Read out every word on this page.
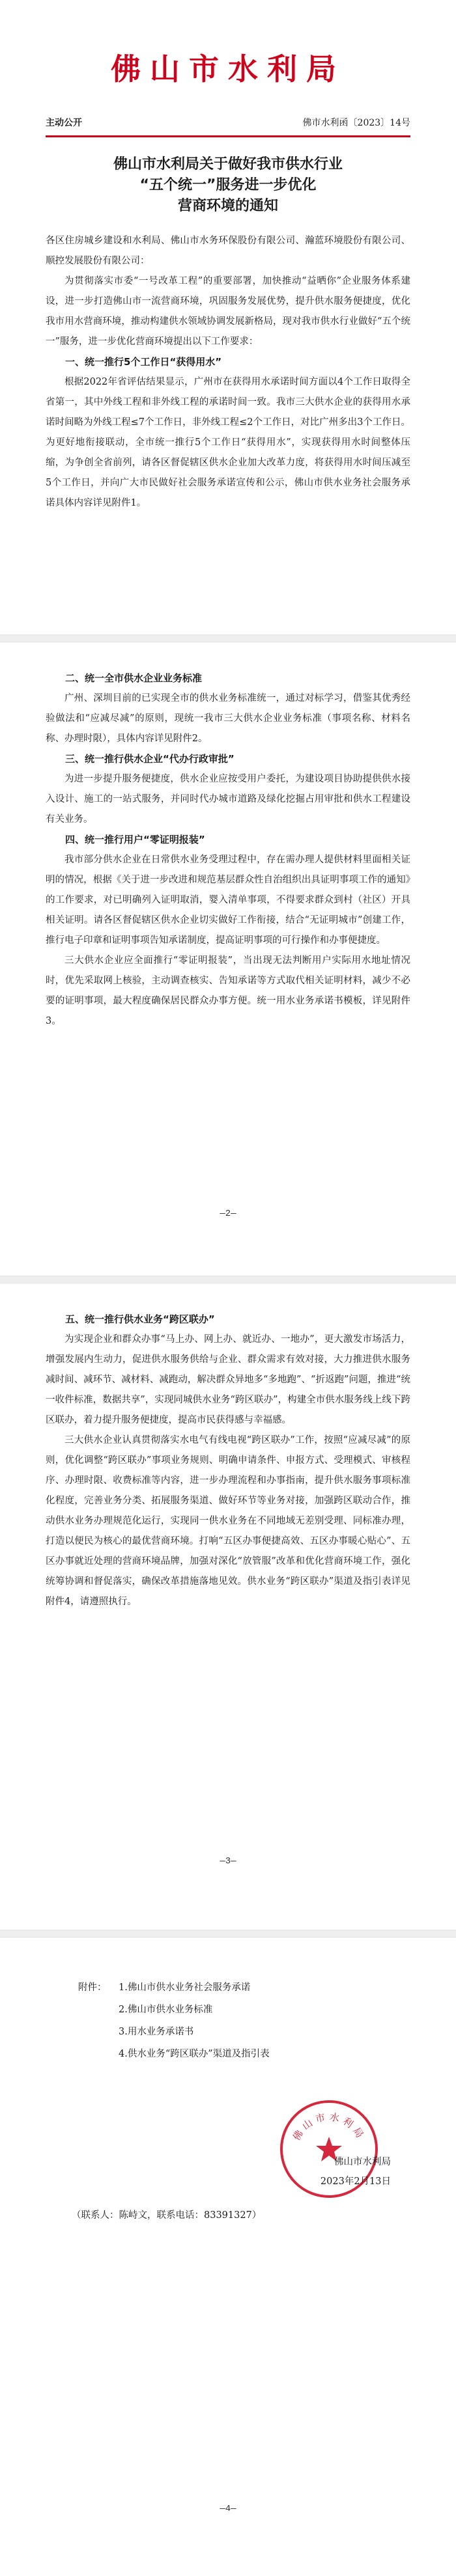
佛山市水利局
主动公开	佛市水利函〔2023〕14号
佛山市水利局关于做好我市供水行业
“五个统一”服务进一步优化
营商环境的通知

各区住房城乡建设和水利局、佛山市水务环保股份有限公司、瀚蓝环境股份有限公司、顺控发展股份有限公司：

为贯彻落实市委“一号改革工程”的重要部署，加快推动“益晒你”企业服务体系建设，进一步打造佛山市一流营商环境，巩固服务发展优势，提升供水服务便捷度，优化我市用水营商环境，推动构建供水领域协调发展新格局，现对我市供水行业做好“五个统一”服务，进一步优化营商环境提出以下工作要求：

一、统一推行5个工作日“获得用水”

根据2022年省评估结果显示，广州市在获得用水承诺时间方面以4个工作日取得全省第一，其中外线工程和非外线工程的承诺时间一致。我市三大供水企业的获得用水承诺时间略为外线工程≤7个工作日，非外线工程≤2个工作日，对比广州多出3个工作日。为更好地衔接联动，全市统一推行5个工作日“获得用水”，实现获得用水时间整体压缩，为争创全省前列，请各区督促辖区供水企业加大改革力度，将获得用水时间压减至5个工作日，并向广大市民做好社会服务承诺宣传和公示，佛山市供水业务社会服务承诺具体内容详见附件1。

二、统一全市供水企业业务标准

广州、深圳目前的已实现全市的供水业务标准统一，通过对标学习，借鉴其优秀经验做法和“应减尽减”的原则，现统一我市三大供水企业业务标准（事项名称、材料名称、办理时限），具体内容详见附件2。

三、统一推行供水企业“代办行政审批”

为进一步提升服务便捷度，供水企业应按受用户委托，为建设项目协助提供供水接入设计、施工的一站式服务，并同时代办城市道路及绿化挖掘占用审批和供水工程建设有关业务。

四、统一推行用户“零证明报装”

我市部分供水企业在日常供水业务受理过程中，存在需办理人提供材料里面相关证明的情况，根据《关于进一步改进和规范基层群众性自治组织出具证明事项工作的通知》的工作要求，对已明确列入证明取消，婴入清单事项，不得要求群众到村（社区）开具相关证明。请各区督促辖区供水企业切实做好工作衔接，结合“无证明城市”创建工作，推行电子印章和证明事项告知承诺制度，提高证明事项的可行操作和办事便捷度。

三大供水企业应全面推行“零证明报装”，当出现无法判断用户实际用水地址情况时，优先采取网上核验，主动调查核实、告知承诺等方式取代相关证明材料，减少不必要的证明事项，最大程度确保居民群众办事方便。统一用水业务承诺书模板，详见附件3。

—2—
五、统一推行供水业务“跨区联办”

为实现企业和群众办事“马上办、网上办、就近办、一地办”，更大激发市场活力，增强发展内生动力，促进供水服务供给与企业、群众需求有效对接，大力推进供水服务减时间、减环节、减材料、减跑动，解决群众异地多“多地跑”、“折返跑”问题，推进“统一收件标准，数据共享”，实现同城供水业务“跨区联办”，构建全市供水服务线上线下跨区联办，着力提升服务便捷度，提高市民获得感与幸福感。

三大供水企业认真贯彻落实水电气有线电视“跨区联办”工作，按照“应减尽减”的原则，优化调整“跨区联办”事项业务规则、明确申请条件、申报方式、受理模式、审核程序、办理时限、收费标准等内容，进一步办理流程和办事指南，提升供水服务事项标准化程度，完善业务分类、拓展服务渠道、做好环节等业务对接，加强跨区联动合作，推动供水业务办理规范化运行，实现同一供水业务在不同地域无差别受理、同标准办理，打造以便民为核心的最优营商环境。打响“五区办事便捷高效、五区办事暖心贴心”、五区办事就近处理的营商环境品牌，加强对深化“放管服”改革和优化营商环境工作，强化统筹协调和督促落实，确保改革措施落地见效。供水业务“跨区联办”渠道及指引表详见附件4，请遵照执行。

—3—
附件：	1.佛山市供水业务社会服务承诺
2.佛山市供水业务标准
3.用水业务承诺书
4.供水业务“跨区联办”渠道及指引表
佛山市水利局
佛山市水利局
2023年2月13日
（联系人：陈峙文，联系电话：83391327）
—4—
